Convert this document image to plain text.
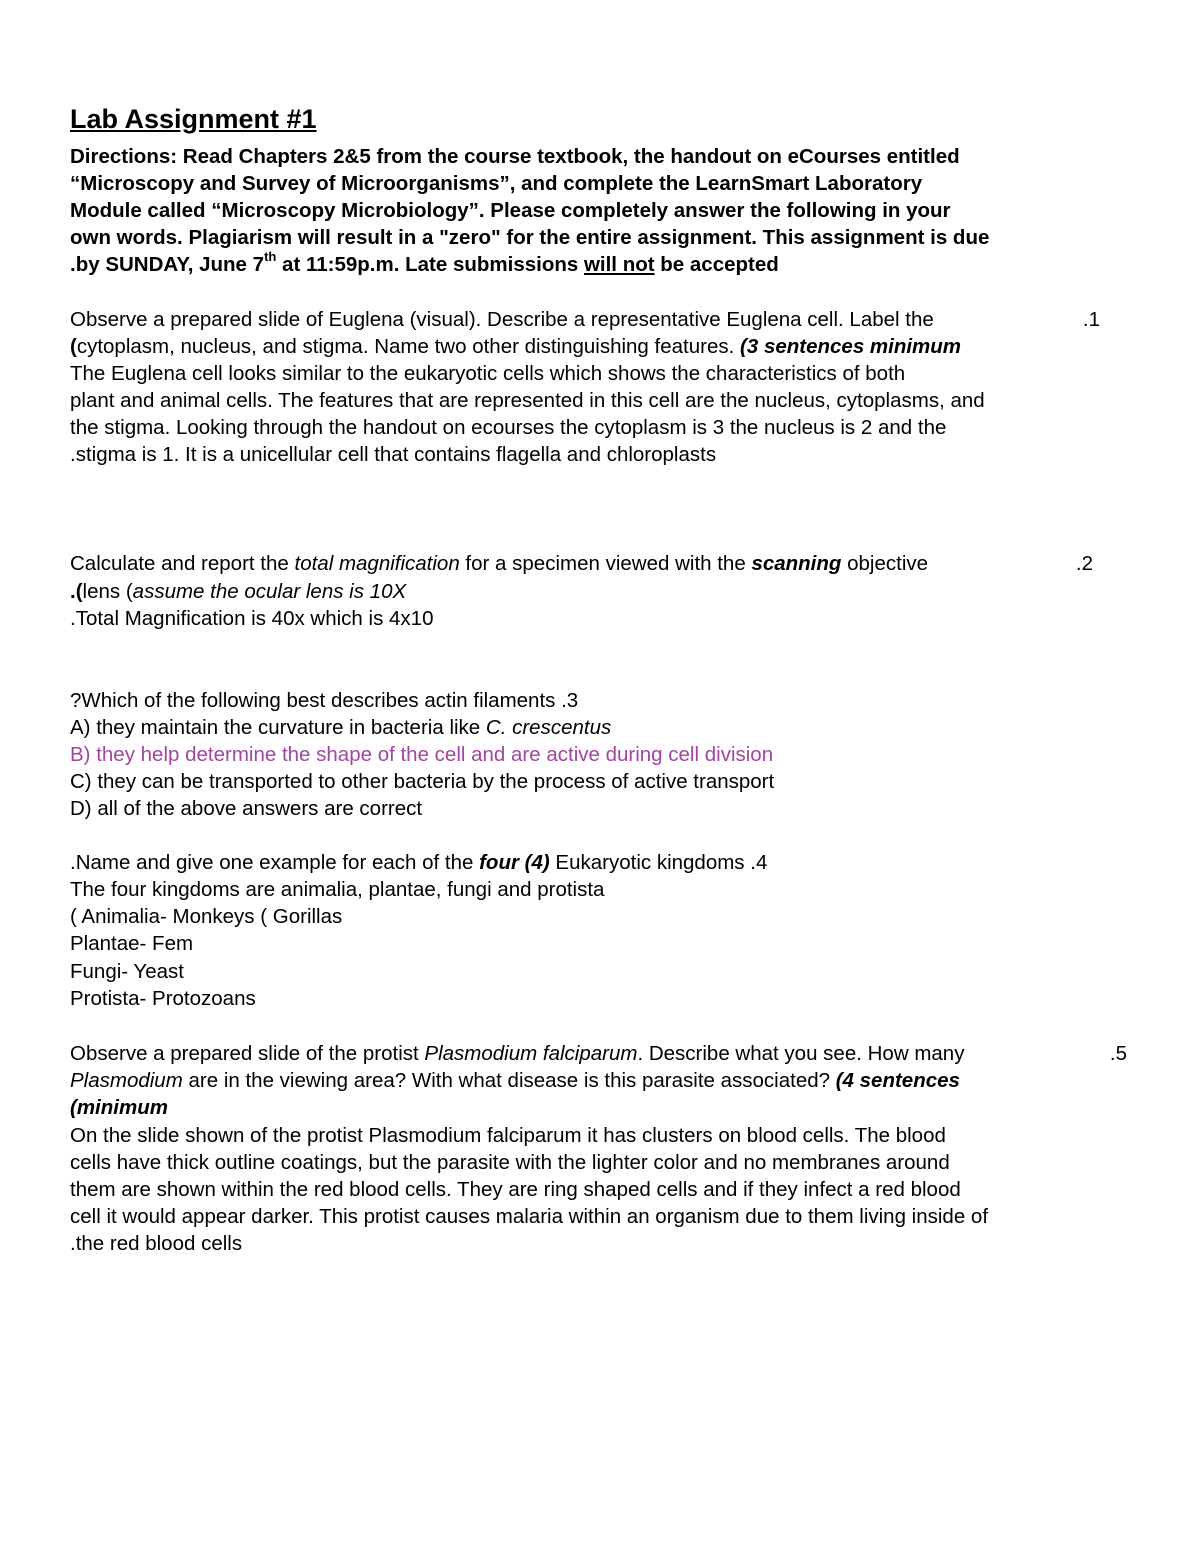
Lab Assignment #1
Directions: Read Chapters 2&5 from the course textbook, the handout on eCourses entitled
“Microscopy and Survey of Microorganisms”, and complete the LearnSmart Laboratory
Module called “Microscopy Microbiology”. Please completely answer the following in your
own words. Plagiarism will result in a "zero" for the entire assignment. This assignment is due
.by SUNDAY, June 7th at 11:59p.m. Late submissions will not be accepted
Observe a prepared slide of Euglena (visual). Describe a representative Euglena cell. Label the	.1
(cytoplasm, nucleus, and stigma. Name two other distinguishing features. (3 sentences minimum
The Euglena cell looks similar to the eukaryotic cells which shows the characteristics of both
plant and animal cells. The features that are represented in this cell are the nucleus, cytoplasms, and
the stigma. Looking through the handout on ecourses the cytoplasm is 3 the nucleus is 2 and the
.stigma is 1. It is a unicellular cell that contains flagella and chloroplasts
Calculate and report the total magnification for a specimen viewed with the scanning objective	.2
.(lens (assume the ocular lens is 10X
.Total Magnification is 40x which is 4x10
?Which of the following best describes actin filaments .3
A) they maintain the curvature in bacteria like C. crescentus
B) they help determine the shape of the cell and are active during cell division
C) they can be transported to other bacteria by the process of active transport
D) all of the above answers are correct
.Name and give one example for each of the four (4) Eukaryotic kingdoms .4
The four kingdoms are animalia, plantae, fungi and protista
( Animalia- Monkeys ( Gorillas
Plantae- Fem
Fungi- Yeast
Protista- Protozoans
Observe a prepared slide of the protist Plasmodium falciparum. Describe what you see. How many	.5
Plasmodium are in the viewing area? With what disease is this parasite associated? (4 sentences
(minimum
On the slide shown of the protist Plasmodium falciparum it has clusters on blood cells. The blood
cells have thick outline coatings, but the parasite with the lighter color and no membranes around
them are shown within the red blood cells. They are ring shaped cells and if they infect a red blood
cell it would appear darker. This protist causes malaria within an organism due to them living inside of
.the red blood cells
